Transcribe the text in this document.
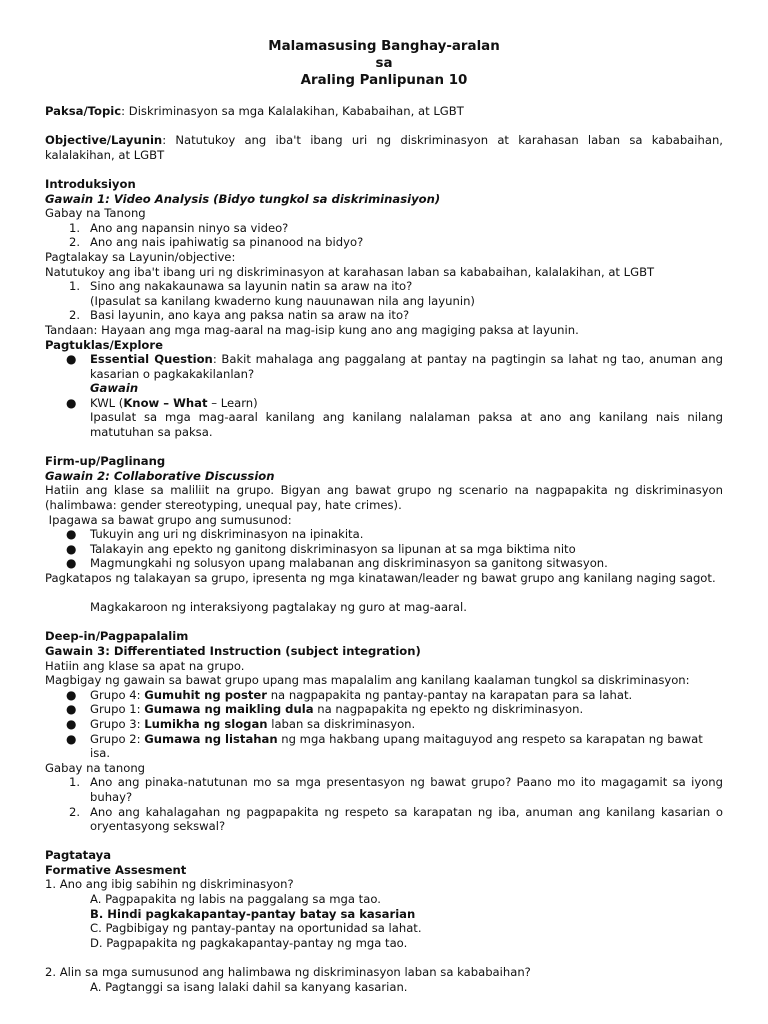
Malamasusing Banghay-aralan
sa
Araling Panlipunan 10

Paksa/Topic: Diskriminasyon sa mga Kalalakihan, Kababaihan, at LGBT

Objective/Layunin: Natutukoy ang iba't ibang uri ng diskriminasyon at karahasan laban sa kababaihan, kalalakihan, at LGBT

Introduksiyon

Gawain 1: Video Analysis (Bidyo tungkol sa diskriminasiyon)

Gabay na Tanong

1. Ano ang napansin ninyo sa video?
2. Ano ang nais ipahiwatig sa pinanood na bidyo?

Pagtalakay sa Layunin/objective:

Natutukoy ang iba't ibang uri ng diskriminasyon at karahasan laban sa kababaihan, kalalakihan, at LGBT

1. Sino ang nakakaunawa sa layunin natin sa araw na ito?
(Ipasulat sa kanilang kwaderno kung nauunawan nila ang layunin)
2. Basi layunin, ano kaya ang paksa natin sa araw na ito?

Tandaan: Hayaan ang mga mag-aaral na mag-isip kung ano ang magiging paksa at layunin.

Pagtuklas/Explore

● Essential Question: Bakit mahalaga ang paggalang at pantay na pagtingin sa lahat ng tao, anuman ang kasarian o pagkakakilanlan?
Gawain
● KWL (Know – What – Learn)
Ipasulat sa mga mag-aaral kanilang ang kanilang nalalaman paksa at ano ang kanilang nais nilang matutuhan sa paksa.

Firm-up/Paglinang

Gawain 2: Collaborative Discussion

Hatiin ang klase sa maliliit na grupo. Bigyan ang bawat grupo ng scenario na nagpapakita ng diskriminasyon (halimbawa: gender stereotyping, unequal pay, hate crimes).

Ipagawa sa bawat grupo ang sumusunod:

● Tukuyin ang uri ng diskriminasyon na ipinakita.
● Talakayin ang epekto ng ganitong diskriminasyon sa lipunan at sa mga biktima nito
● Magmungkahi ng solusyon upang malabanan ang diskriminasyon sa ganitong sitwasyon.

Pagkatapos ng talakayan sa grupo, ipresenta ng mga kinatawan/leader ng bawat grupo ang kanilang naging sagot.

Magkakaroon ng interaksiyong pagtalakay ng guro at mag-aaral.

Deep-in/Pagpapalalim

Gawain 3: Differentiated Instruction (subject integration)

Hatiin ang klase sa apat na grupo.

Magbigay ng gawain sa bawat grupo upang mas mapalalim ang kanilang kaalaman tungkol sa diskriminasyon:

● Grupo 4: Gumuhit ng poster na nagpapakita ng pantay-pantay na karapatan para sa lahat.
● Grupo 1: Gumawa ng maikling dula na nagpapakita ng epekto ng diskriminasyon.
● Grupo 3: Lumikha ng slogan laban sa diskriminasyon.
● Grupo 2: Gumawa ng listahan ng mga hakbang upang maitaguyod ang respeto sa karapatan ng bawat isa.

Gabay na tanong

1. Ano ang pinaka-natutunan mo sa mga presentasyon ng bawat grupo? Paano mo ito magagamit sa iyong buhay?
2. Ano ang kahalagahan ng pagpapakita ng respeto sa karapatan ng iba, anuman ang kanilang kasarian o oryentasyong sekswal?

Pagtataya

Formative Assesment

1. Ano ang ibig sabihin ng diskriminasyon?

A. Pagpapakita ng labis na paggalang sa mga tao.

B. Hindi pagkakapantay-pantay batay sa kasarian

C. Pagbibigay ng pantay-pantay na oportunidad sa lahat.

D. Pagpapakita ng pagkakapantay-pantay ng mga tao.

2. Alin sa mga sumusunod ang halimbawa ng diskriminasyon laban sa kababaihan?

A. Pagtanggi sa isang lalaki dahil sa kanyang kasarian.
